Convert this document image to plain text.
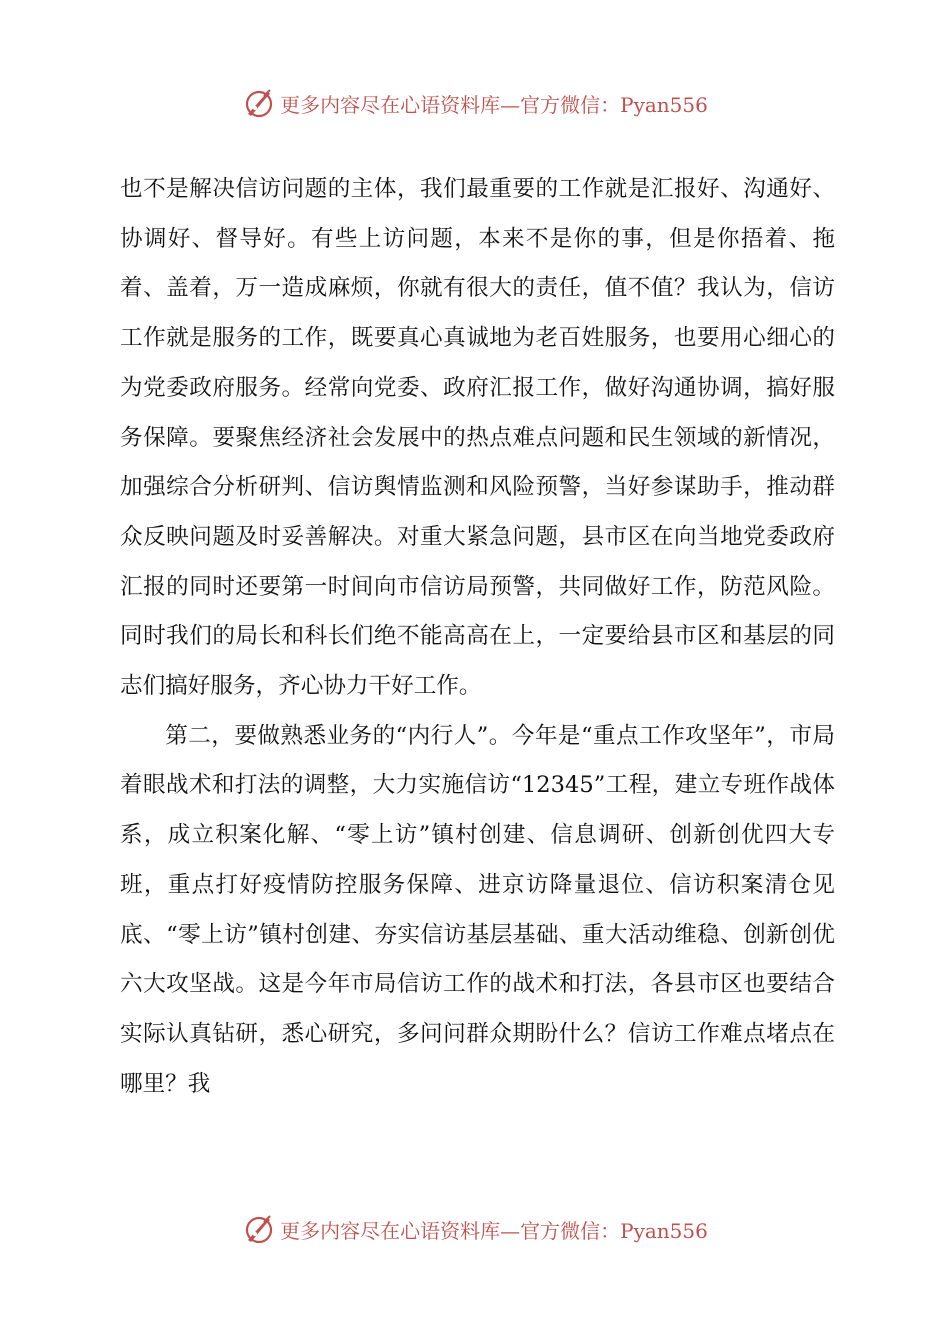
更多内容尽在心语资料库—官方微信：Pyan556

也不是解决信访问题的主体，我们最重要的工作就是汇报好、沟通好、协调好、督导好。有些上访问题，本来不是你的事，但是你捂着、拖着、盖着，万一造成麻烦，你就有很大的责任，值不值？我认为，信访工作就是服务的工作，既要真心真诚地为老百姓服务，也要用心细心的为党委政府服务。经常向党委、政府汇报工作，做好沟通协调，搞好服务保障。要聚焦经济社会发展中的热点难点问题和民生领域的新情况，加强综合分析研判、信访舆情监测和风险预警，当好参谋助手，推动群众反映问题及时妥善解决。对重大紧急问题，县市区在向当地党委政府汇报的同时还要第一时间向市信访局预警，共同做好工作，防范风险。同时我们的局长和科长们绝不能高高在上，一定要给县市区和基层的同志们搞好服务，齐心协力干好工作。

第二，要做熟悉业务的“内行人”。今年是“重点工作攻坚年”，市局着眼战术和打法的调整，大力实施信访“12345”工程，建立专班作战体系，成立积案化解、“零上访”镇村创建、信息调研、创新创优四大专班，重点打好疫情防控服务保障、进京访降量退位、信访积案清仓见底、“零上访”镇村创建、夯实信访基层基础、重大活动维稳、创新创优六大攻坚战。这是今年市局信访工作的战术和打法，各县市区也要结合实际认真钻研，悉心研究，多问问群众期盼什么？信访工作难点堵点在哪里？我

更多内容尽在心语资料库—官方微信：Pyan556
